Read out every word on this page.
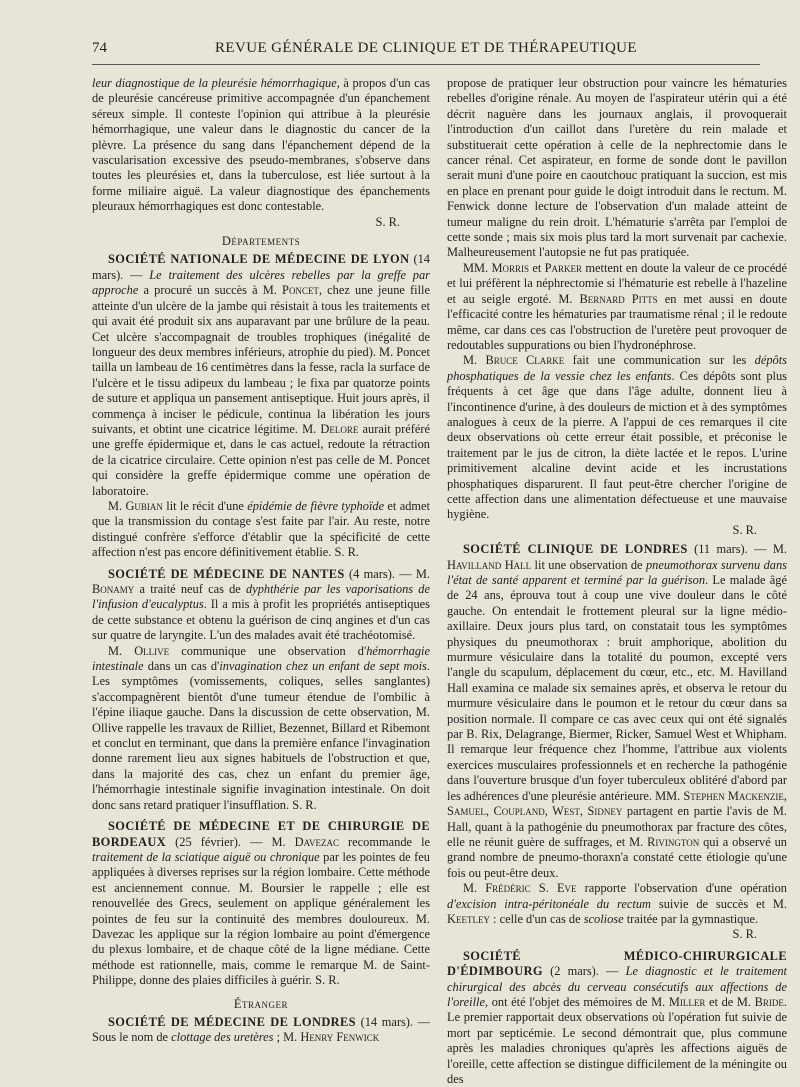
74	REVUE GÉNÉRALE DE CLINIQUE ET DE THÉRAPEUTIQUE

leur diagnostique de la pleurésie hémorrhagique, à propos d'un cas de pleurésie cancéreuse primitive accompagnée d'un épanchement séreux simple. Il conteste l'opinion qui attribue à la pleurésie hémorrhagique, une valeur dans le diagnostic du cancer de la plèvre. La présence du sang dans l'épanchement dépend de la vascularisation excessive des pseudo-membranes, s'observe dans toutes les pleurésies et, dans la tuberculose, est liée surtout à la forme miliaire aiguë. La valeur diagnostique des épanchements pleuraux hémorrhagiques est donc contestable.

S. R.

Départements

SOCIÉTÉ NATIONALE DE MÉDECINE DE LYON (14 mars). — Le traitement des ulcères rebelles par la greffe par approche a procuré un succès à M. Poncet, chez une jeune fille atteinte d'un ulcère de la jambe qui résistait à tous les traitements et qui avait été produit six ans auparavant par une brûlure de la peau. Cet ulcère s'accompagnait de troubles trophiques (inégalité de longueur des deux membres inférieurs, atrophie du pied). M. Poncet tailla un lambeau de 16 centimètres dans la fesse, racla la surface de l'ulcère et le tissu adipeux du lambeau ; le fixa par quatorze points de suture et appliqua un pansement antiseptique. Huit jours après, il commença à inciser le pédicule, continua la libération les jours suivants, et obtint une cicatrice légitime. M. Delore aurait préféré une greffe épidermique et, dans le cas actuel, redoute la rétraction de la cicatrice circulaire. Cette opinion n'est pas celle de M. Poncet qui considère la greffe épidermique comme une opération de laboratoire.

M. Gubian lit le récit d'une épidémie de fièvre typhoïde et admet que la transmission du contage s'est faite par l'air. Au reste, notre distingué confrère s'efforce d'établir que la spécificité de cette affection n'est pas encore définitivement établie. S. R.

SOCIÉTÉ DE MÉDECINE DE NANTES (4 mars). — M. Bonamy a traité neuf cas de dyphthérie par les vaporisations de l'infusion d'eucalyptus. Il a mis à profit les propriétés antiseptiques de cette substance et obtenu la guérison de cinq angines et d'un cas sur quatre de laryngite. L'un des malades avait été trachéotomisé.

M. Ollive communique une observation d'hémorrhagie intestinale dans un cas d'invagination chez un enfant de sept mois. Les symptômes (vomissements, coliques, selles sanglantes) s'accompagnèrent bientôt d'une tumeur étendue de l'ombilic à l'épine iliaque gauche. Dans la discussion de cette observation, M. Ollive rappelle les travaux de Rilliet, Bezennet, Billard et Ribemont et conclut en terminant, que dans la première enfance l'invagination donne rarement lieu aux signes habituels de l'obstruction et que, dans la majorité des cas, chez un enfant du premier âge, l'hémorrhagie intestinale signifie invagination intestinale. On doit donc sans retard pratiquer l'insufflation. S. R.

SOCIÉTÉ DE MÉDECINE ET DE CHIRURGIE DE BORDEAUX (25 février). — M. Davezac recommande le traitement de la sciatique aiguë ou chronique par les pointes de feu appliquées à diverses reprises sur la région lombaire. Cette méthode est anciennement connue. M. Boursier le rappelle ; elle est renouvellée des Grecs, seulement on applique généralement les pointes de feu sur la continuité des membres douloureux. M. Davezac les applique sur la région lombaire au point d'émergence du plexus lombaire, et de chaque côté de la ligne médiane. Cette méthode est rationnelle, mais, comme le remarque M. de Saint-Philippe, donne des plaies difficiles à guérir. S. R.

Étranger

SOCIÉTÉ DE MÉDECINE DE LONDRES (14 mars). — Sous le nom de clottage des uretères ; M. Henry Fenwick

propose de pratiquer leur obstruction pour vaincre les hématuries rebelles d'origine rénale. Au moyen de l'aspirateur utérin qui a été décrit naguère dans les journaux anglais, il provoquerait l'introduction d'un caillot dans l'uretère du rein malade et substituerait cette opération à celle de la nephrectomie dans le cancer rénal. Cet aspirateur, en forme de sonde dont le pavillon serait muni d'une poire en caoutchouc pratiquant la succion, est mis en place en prenant pour guide le doigt introduit dans le rectum. M. Fenwick donne lecture de l'observation d'un malade atteint de tumeur maligne du rein droit. L'hématurie s'arrêta par l'emploi de cette sonde ; mais six mois plus tard la mort survenait par cachexie. Malheureusement l'autopsie ne fut pas pratiquée.

MM. Morris et Parker mettent en doute la valeur de ce procédé et lui préfèrent la néphrectomie si l'hématurie est rebelle à l'hazeline et au seigle ergoté. M. Bernard Pitts en met aussi en doute l'efficacité contre les hématuries par traumatisme rénal ; il le redoute même, car dans ces cas l'obstruction de l'uretère peut provoquer de redoutables suppurations ou bien l'hydronéphrose.

M. Bruce Clarke fait une communication sur les dépôts phosphatiques de la vessie chez les enfants. Ces dépôts sont plus fréquents à cet âge que dans l'âge adulte, donnent lieu à l'incontinence d'urine, à des douleurs de miction et à des symptômes analogues à ceux de la pierre. A l'appui de ces remarques il cite deux observations où cette erreur était possible, et préconise le traitement par le jus de citron, la diète lactée et le repos. L'urine primitivement alcaline devint acide et les incrustations phosphatiques disparurent. Il faut peut-être chercher l'origine de cette affection dans une alimentation défectueuse et une mauvaise hygiène.

S. R.

SOCIÉTÉ CLINIQUE DE LONDRES (11 mars). — M. Havilland Hall lit une observation de pneumothorax survenu dans l'état de santé apparent et terminé par la guérison. Le malade âgé de 24 ans, éprouva tout à coup une vive douleur dans le côté gauche. On entendait le frottement pleural sur la ligne médio-axillaire. Deux jours plus tard, on constatait tous les symptômes physiques du pneumothorax : bruit amphorique, abolition du murmure vésiculaire dans la totalité du poumon, excepté vers l'angle du scapulum, déplacement du cœur, etc., etc. M. Havilland Hall examina ce malade six semaines après, et observa le retour du murmure vésiculaire dans le poumon et le retour du cœur dans sa position normale. Il compare ce cas avec ceux qui ont été signalés par B. Rix, Delagrange, Biermer, Ricker, Samuel West et Whipham. Il remarque leur fréquence chez l'homme, l'attribue aux violents exercices musculaires professionnels et en recherche la pathogénie dans l'ouverture brusque d'un foyer tuberculeux oblitéré d'abord par les adhérences d'une pleurésie antérieure. MM. Stephen Mackenzie, Samuel, Coupland, West, Sidney partagent en partie l'avis de M. Hall, quant à la pathogénie du pneumothorax par fracture des côtes, elle ne réunit guère de suffrages, et M. Rivington qui a observé un grand nombre de pneumo-thoraxn'a constaté cette étiologie qu'une fois ou peut-être deux.

M. Frédéric S. Eve rapporte l'observation d'une opération d'excision intra-péritonéale du rectum suivie de succès et M. Keetley : celle d'un cas de scoliose traitée par la gymnastique.

S. R.

SOCIÉTÉ MÉDICO-CHIRURGICALE D'ÉDIMBOURG (2 mars). — Le diagnostic et le traitement chirurgical des abcès du cerveau consécutifs aux affections de l'oreille, ont été l'objet des mémoires de M. Miller et de M. Bride. Le premier rapportait deux observations où l'opération fut suivie de mort par septicémie. Le second démontrait que, plus commune après les maladies chroniques qu'après les affections aiguës de l'oreille, cette affection se distingue difficilement de la méningite ou des
